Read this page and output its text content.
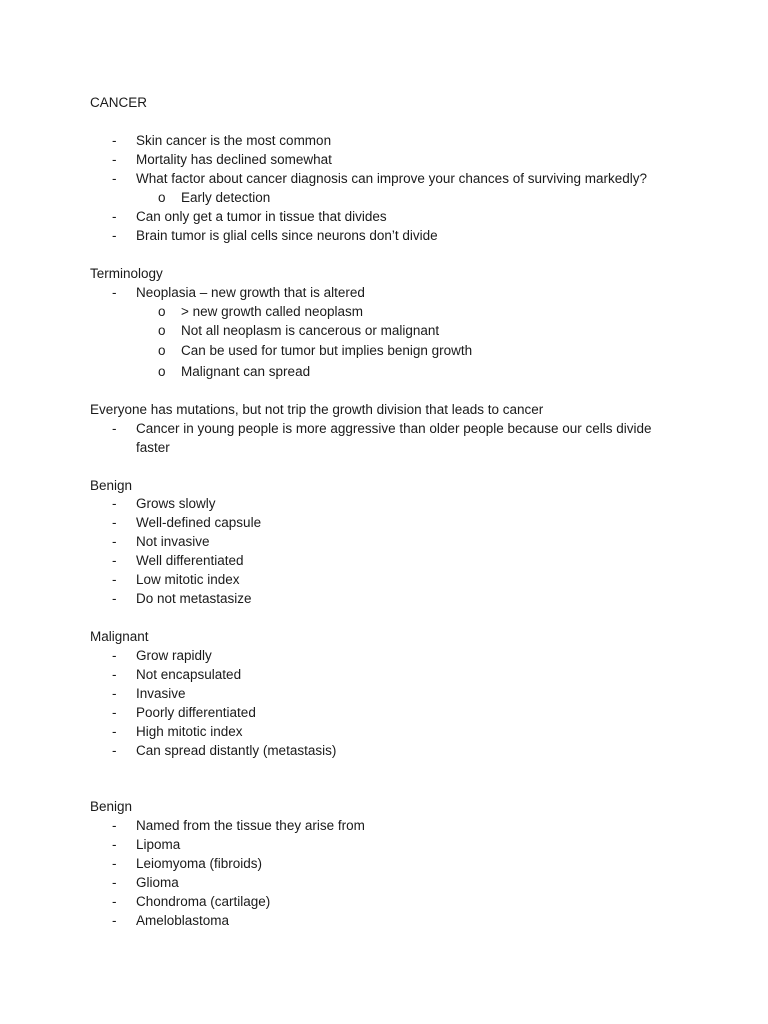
CANCER
- Skin cancer is the most common
- Mortality has declined somewhat
- What factor about cancer diagnosis can improve your chances of surviving markedly?
o Early detection
- Can only get a tumor in tissue that divides
- Brain tumor is glial cells since neurons don’t divide
Terminology
- Neoplasia – new growth that is altered
o > new growth called neoplasm
o Not all neoplasm is cancerous or malignant
o Can be used for tumor but implies benign growth
o Malignant can spread
Everyone has mutations, but not trip the growth division that leads to cancer
- Cancer in young people is more aggressive than older people because our cells divide
faster
Benign
- Grows slowly
- Well-defined capsule
- Not invasive
- Well differentiated
- Low mitotic index
- Do not metastasize
Malignant
- Grow rapidly
- Not encapsulated
- Invasive
- Poorly differentiated
- High mitotic index
- Can spread distantly (metastasis)
Benign
- Named from the tissue they arise from
- Lipoma
- Leiomyoma (fibroids)
- Glioma
- Chondroma (cartilage)
- Ameloblastoma
